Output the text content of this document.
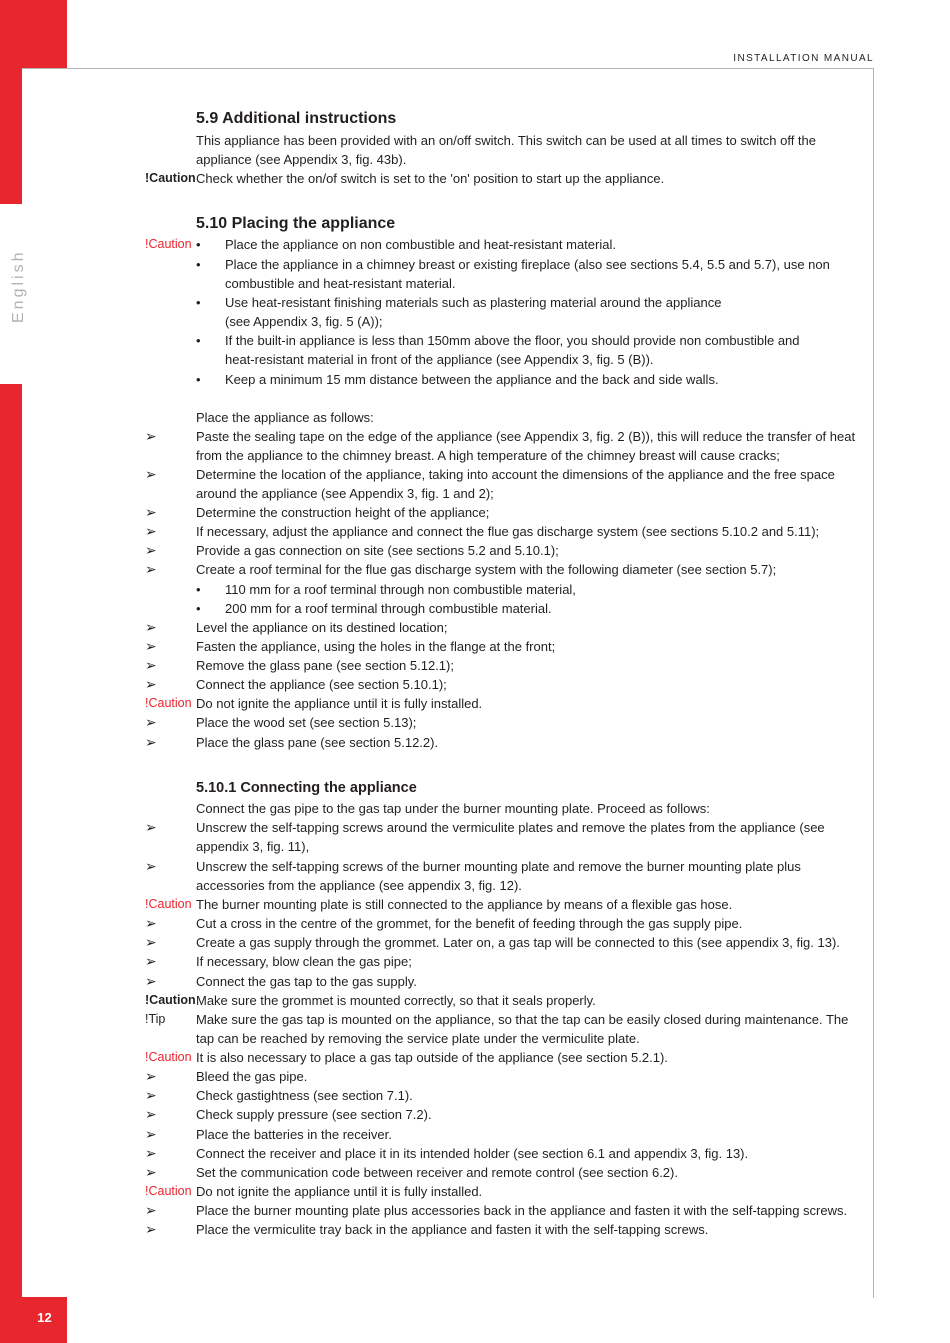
12
English
INSTALLATION MANUAL
5.9 Additional instructions
This appliance has been provided with an on/off switch. This switch can be used at all times to switch off the
appliance (see Appendix 3, fig. 43b).
!Caution Check whether the on/of switch is set to the 'on' position to start up the appliance.
5.10 Placing the appliance
!Caution • Place the appliance on non combustible and heat-resistant material.
• Place the appliance in a chimney breast or existing fireplace (also see sections 5.4, 5.5 and 5.7), use non
combustible and heat-resistant material.
• Use heat-resistant finishing materials such as plastering material around the appliance
(see Appendix 3, fig. 5 (A));
• If the built-in appliance is less than 150mm above the floor, you should provide non combustible and
heat-resistant material in front of the appliance (see Appendix 3, fig. 5 (B)).
• Keep a minimum 15 mm distance between the appliance and the back and side walls.
Place the appliance as follows:
➢	Paste the sealing tape on the edge of the appliance (see Appendix 3, fig. 2 (B)), this will reduce the transfer of heat
from the appliance to the chimney breast. A high temperature of the chimney breast will cause cracks;
➢	Determine the location of the appliance, taking into account the dimensions of the appliance and the free space
around the appliance (see Appendix 3, fig. 1 and 2);
➢	Determine the construction height of the appliance;
➢	If necessary, adjust the appliance and connect the flue gas discharge system (see sections 5.10.2 and 5.11);
➢	Provide a gas connection on site (see sections 5.2 and 5.10.1);
➢	Create a roof terminal for the flue gas discharge system with the following diameter (see section 5.7);
• 110 mm for a roof terminal through non combustible material,
• 200 mm for a roof terminal through combustible material.
➢	Level the appliance on its destined location;
➢	Fasten the appliance, using the holes in the flange at the front;
➢	Remove the glass pane (see section 5.12.1);
➢	Connect the appliance (see section 5.10.1);
!Caution Do not ignite the appliance until it is fully installed.
➢	Place the wood set (see section 5.13);
➢	Place the glass pane (see section 5.12.2).
5.10.1 Connecting the appliance
Connect the gas pipe to the gas tap under the burner mounting plate. Proceed as follows:
➢	Unscrew the self-tapping screws around the vermiculite plates and remove the plates from the appliance (see
appendix 3, fig. 11),
➢	Unscrew the self-tapping screws of the burner mounting plate and remove the burner mounting plate plus
accessories from the appliance (see appendix 3, fig. 12).
!Caution The burner mounting plate is still connected to the appliance by means of a flexible gas hose.
➢	Cut a cross in the centre of the grommet, for the benefit of feeding through the gas supply pipe.
➢	Create a gas supply through the grommet. Later on, a gas tap will be connected to this (see appendix 3, fig. 13).
➢	If necessary, blow clean the gas pipe;
➢	Connect the gas tap to the gas supply.
!Caution Make sure the grommet is mounted correctly, so that it seals properly.
!Tip Make sure the gas tap is mounted on the appliance, so that the tap can be easily closed during maintenance. The
tap can be reached by removing the service plate under the vermiculite plate.
!Caution It is also necessary to place a gas tap outside of the appliance (see section 5.2.1).
➢	Bleed the gas pipe.
➢	Check gastightness (see section 7.1).
➢	Check supply pressure (see section 7.2).
➢	Place the batteries in the receiver.
➢	Connect the receiver and place it in its intended holder (see section 6.1 and appendix 3, fig. 13).
➢	Set the communication code between receiver and remote control (see section 6.2).
!Caution Do not ignite the appliance until it is fully installed.
➢	Place the burner mounting plate plus accessories back in the appliance and fasten it with the self-tapping screws.
➢	Place the vermiculite tray back in the appliance and fasten it with the self-tapping screws.
